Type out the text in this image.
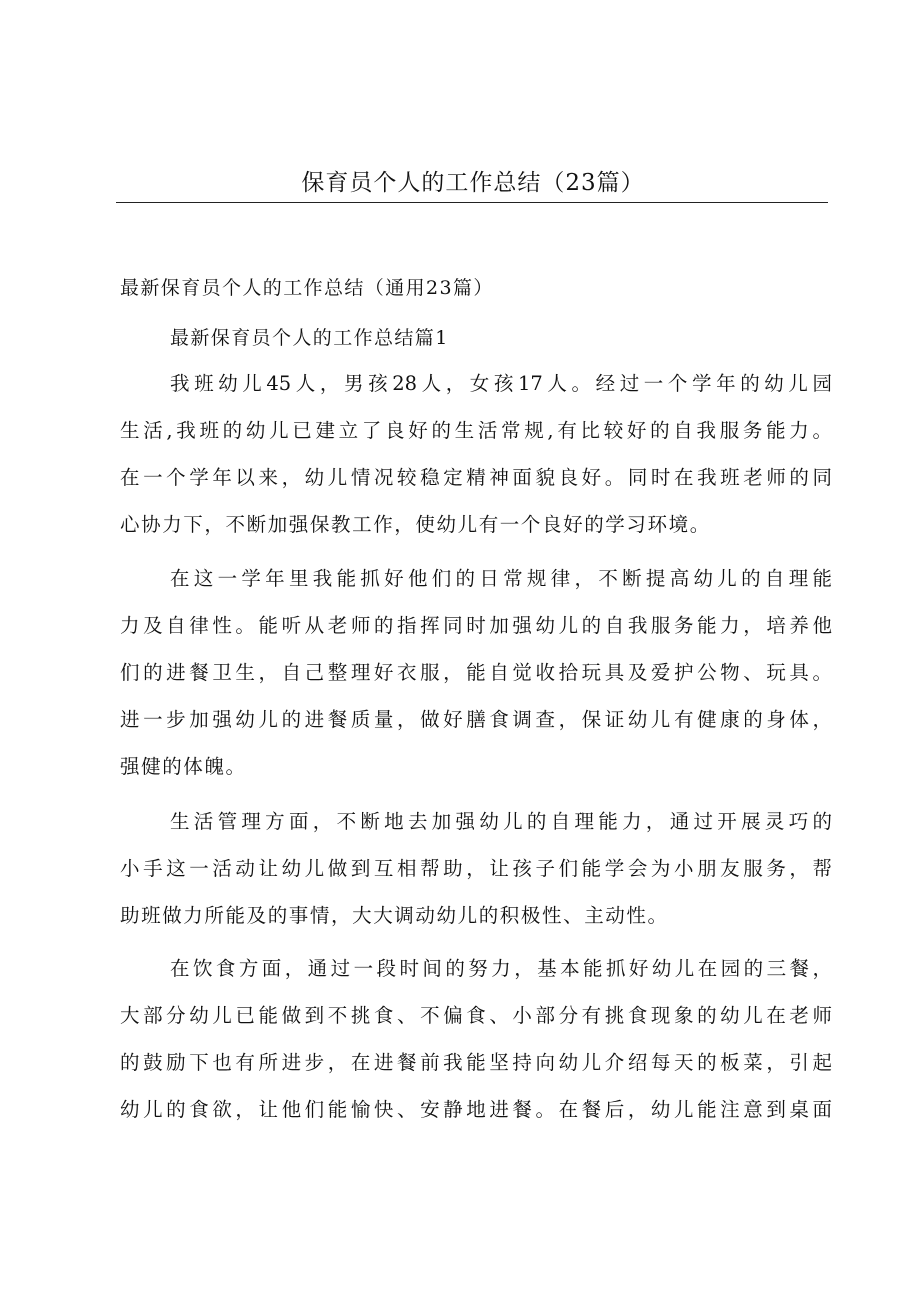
保育员个人的工作总结（23篇）
最新保育员个人的工作总结（通用23篇）
最新保育员个人的工作总结篇1
我班幼儿45人，男孩28人，女孩17人。经过一个学年的幼儿园
生活,我班的幼儿已建立了良好的生活常规,有比较好的自我服务能力。
在一个学年以来，幼儿情况较稳定精神面貌良好。同时在我班老师的同
心协力下，不断加强保教工作，使幼儿有一个良好的学习环境。
在这一学年里我能抓好他们的日常规律，不断提高幼儿的自理能
力及自律性。能听从老师的指挥同时加强幼儿的自我服务能力，培养他
们的进餐卫生，自己整理好衣服，能自觉收拾玩具及爱护公物、玩具。
进一步加强幼儿的进餐质量，做好膳食调查，保证幼儿有健康的身体，
强健的体魄。
生活管理方面，不断地去加强幼儿的自理能力，通过开展灵巧的
小手这一活动让幼儿做到互相帮助，让孩子们能学会为小朋友服务，帮
助班做力所能及的事情，大大调动幼儿的积极性、主动性。
在饮食方面，通过一段时间的努力，基本能抓好幼儿在园的三餐，
大部分幼儿已能做到不挑食、不偏食、小部分有挑食现象的幼儿在老师
的鼓励下也有所进步，在进餐前我能坚持向幼儿介绍每天的板菜，引起
幼儿的食欲，让他们能愉快、安静地进餐。在餐后，幼儿能注意到桌面
